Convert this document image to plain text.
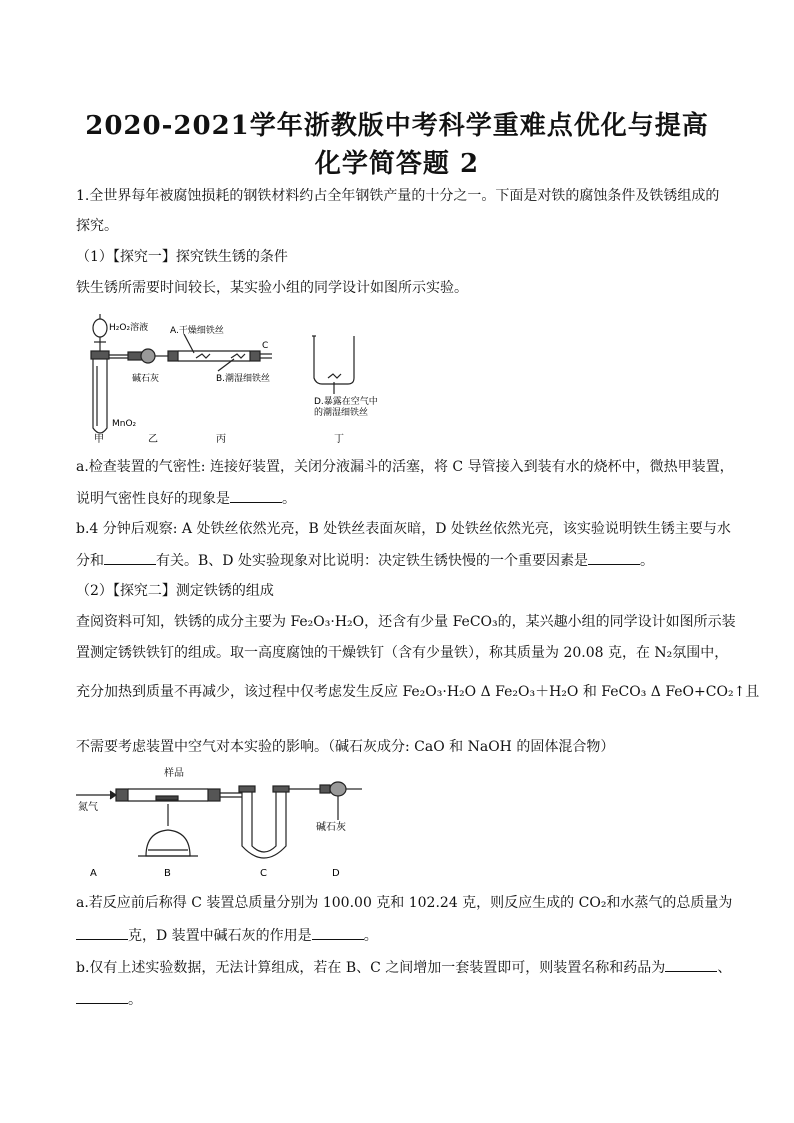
2020-2021学年浙教版中考科学重难点优化与提高
化学简答题 2
1.全世界每年被腐蚀损耗的钢铁材料约占全年钢铁产量的十分之一。下面是对铁的腐蚀条件及铁锈组成的
探究。
（1）【探究一】探究铁生锈的条件
铁生锈所需要时间较长，某实验小组的同学设计如图所示实验。
H₂O₂溶液 A.干燥细铁丝
C
碱石灰	B.潮湿细铁丝
MnO₂
D.暴露在空气中
的潮湿细铁丝
甲	乙	丙	丁
a.检查装置的气密性: 连接好装置，关闭分液漏斗的活塞，将 C 导管接入到装有水的烧杯中，微热甲装置，
说明气密性良好的现象是	。
b.4 分钟后观察: A 处铁丝依然光亮，B 处铁丝表面灰暗，D 处铁丝依然光亮，该实验说明铁生锈主要与水
分和	有关。B、D 处实验现象对比说明：决定铁生锈快慢的一个重要因素是	。
（2）【探究二】测定铁锈的组成
查阅资料可知，铁锈的成分主要为 Fe₂O₃·H₂O，还含有少量 FeCO₃的，某兴趣小组的同学设计如图所示装
置测定锈铁铁钉的组成。取一高度腐蚀的干燥铁钉（含有少量铁），称其质量为 20.08 克，在 N₂氛围中，
充分加热到质量不再减少，该过程中仅考虑发生反应 Fe₂O₃·H₂O Δ Fe₂O₃＋H₂O 和 FeCO₃ Δ FeO+CO₂↑且
不需要考虑装置中空气对本实验的影响。（碱石灰成分: CaO 和 NaOH 的固体混合物）
样品
氮气
碱石灰
A	B	C	D
a.若反应前后称得 C 装置总质量分别为 100.00 克和 102.24 克，则反应生成的 CO₂和水蒸气的总质量为
克，D 装置中碱石灰的作用是	。
b.仅有上述实验数据，无法计算组成，若在 B、C 之间增加一套装置即可，则装置名称和药品为	、
。
